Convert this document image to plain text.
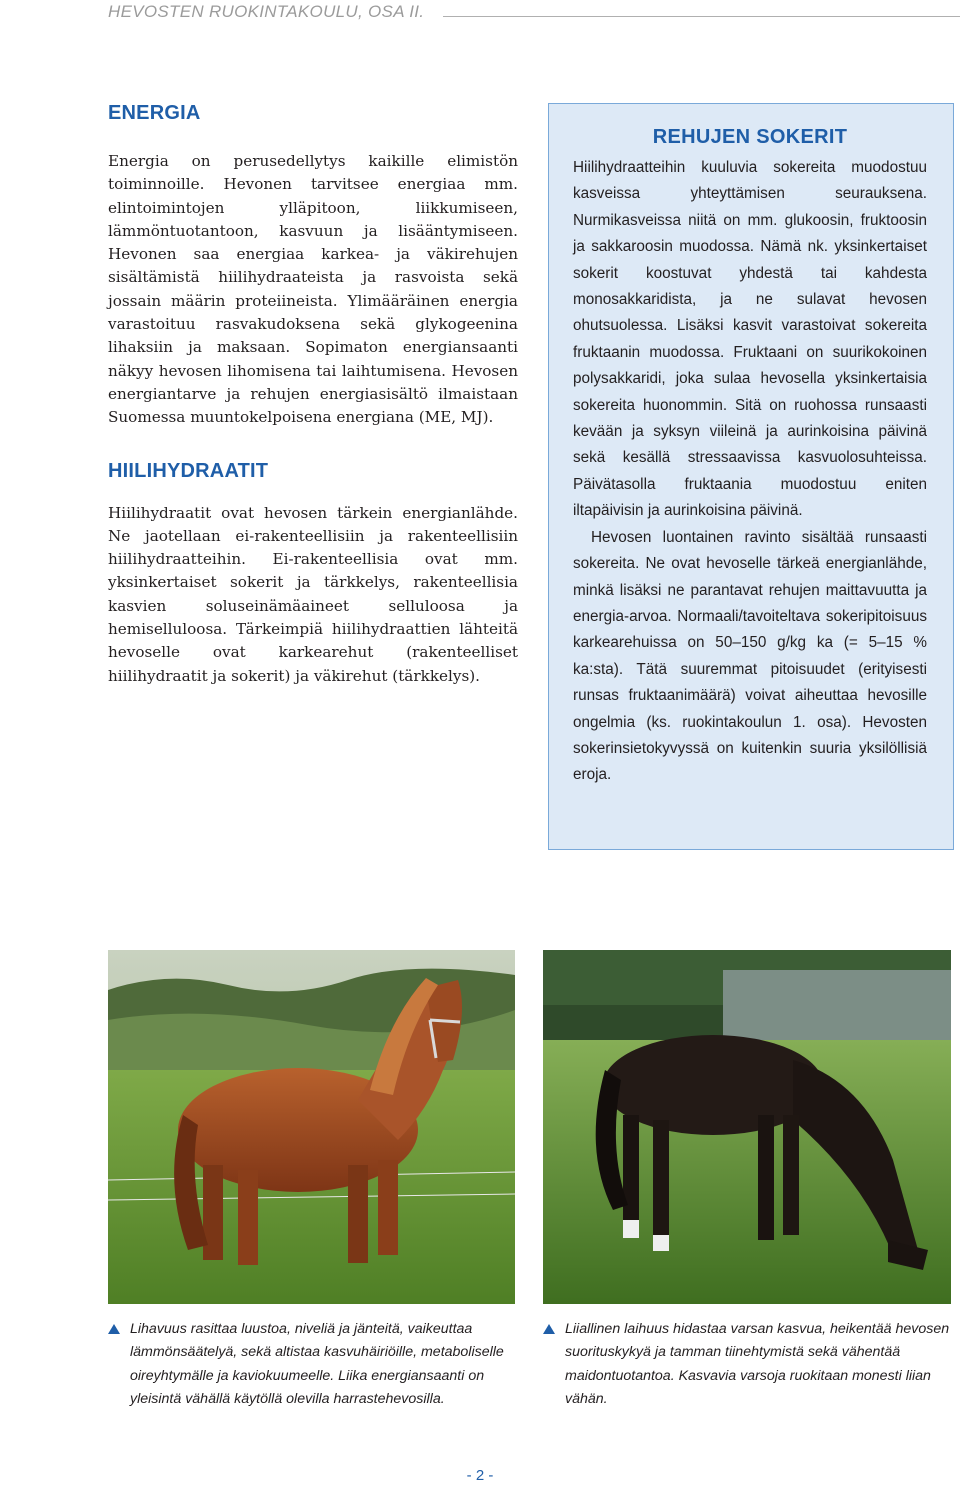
HEVOSTEN RUOKINTAKOULU, OSA II.
ENERGIA

Energia on perusedellytys kaikille elimistön toiminnoille. Hevonen tarvitsee energiaa mm. elintoimintojen ylläpitoon, liikkumiseen, lämmöntuotantoon, kasvuun ja lisääntymiseen. Hevonen saa energiaa karkea- ja väkirehujen sisältämistä hiilihydraateista ja rasvoista sekä jossain määrin proteiineista. Ylimääräinen energia varastoituu rasvakudoksena sekä glykogeenina lihaksiin ja maksaan. Sopimaton energiansaanti näkyy hevosen lihomisena tai laihtumisena. Hevosen energiantarve ja rehujen energiasisältö ilmaistaan Suomessa muuntokelpoisena energiana (ME, MJ).

HIILIHYDRAATIT

Hiilihydraatit ovat hevosen tärkein energianlähde. Ne jaotellaan ei-rakenteellisiin ja rakenteellisiin hiilihydraatteihin. Ei-rakenteellisia ovat mm. yksinkertaiset sokerit ja tärkkelys, rakenteellisia kasvien soluseinämäaineet selluloosa ja hemiselluloosa. Tärkeimpiä hiilihydraattien lähteitä hevoselle ovat karkearehut (rakenteelliset hiilihydraatit ja sokerit) ja väkirehut (tärkkelys).

REHUJEN SOKERIT

Hiilihydraatteihin kuuluvia sokereita muodostuu kasveissa yhteyttämisen seurauksena. Nurmikasveissa niitä on mm. glukoosin, fruktoosin ja sakkaroosin muodossa. Nämä nk. yksinkertaiset sokerit koostuvat yhdestä tai kahdesta monosakkaridista, ja ne sulavat hevosen ohutsuolessa. Lisäksi kasvit varastoivat sokereita fruktaanin muodossa. Fruktaani on suurikokoinen polysakkaridi, joka sulaa hevosella yksinkertaisia sokereita huonommin. Sitä on ruohossa runsaasti kevään ja syksyn viileinä ja aurinkoisina päivinä sekä kesällä stressaavissa kasvuolosuhteissa. Päivätasolla fruktaania muodostuu eniten iltapäivisin ja aurinkoisina päivinä.

Hevosen luontainen ravinto sisältää runsaasti sokereita. Ne ovat hevoselle tärkeä energianlähde, minkä lisäksi ne parantavat rehujen maittavuutta ja energia-arvoa. Normaali/tavoiteltava sokeripitoisuus karkearehuissa on 50–150 g/kg ka (= 5–15 % ka:sta). Tätä suuremmat pitoisuudet (erityisesti runsas fruktaanimäärä) voivat aiheuttaa hevosille ongelmia (ks. ruokintakoulun 1. osa). Hevosten sokerinsietokyvyssä on kuitenkin suuria yksilöllisiä eroja.

Lihavuus rasittaa luustoa, niveliä ja jänteitä, vaikeuttaa lämmönsäätelyä, sekä altistaa kasvuhäiriöille, metaboliselle oireyhtymälle ja kaviokuumeelle. Liika energiansaanti on yleisintä vähällä käytöllä olevilla harrastehevosilla.
Liiallinen laihuus hidastaa varsan kasvua, heikentää hevosen suorituskykyä ja tamman tiinehtymistä sekä vähentää maidontuotantoa. Kasvavia varsoja ruokitaan monesti liian vähän.
- 2 -
